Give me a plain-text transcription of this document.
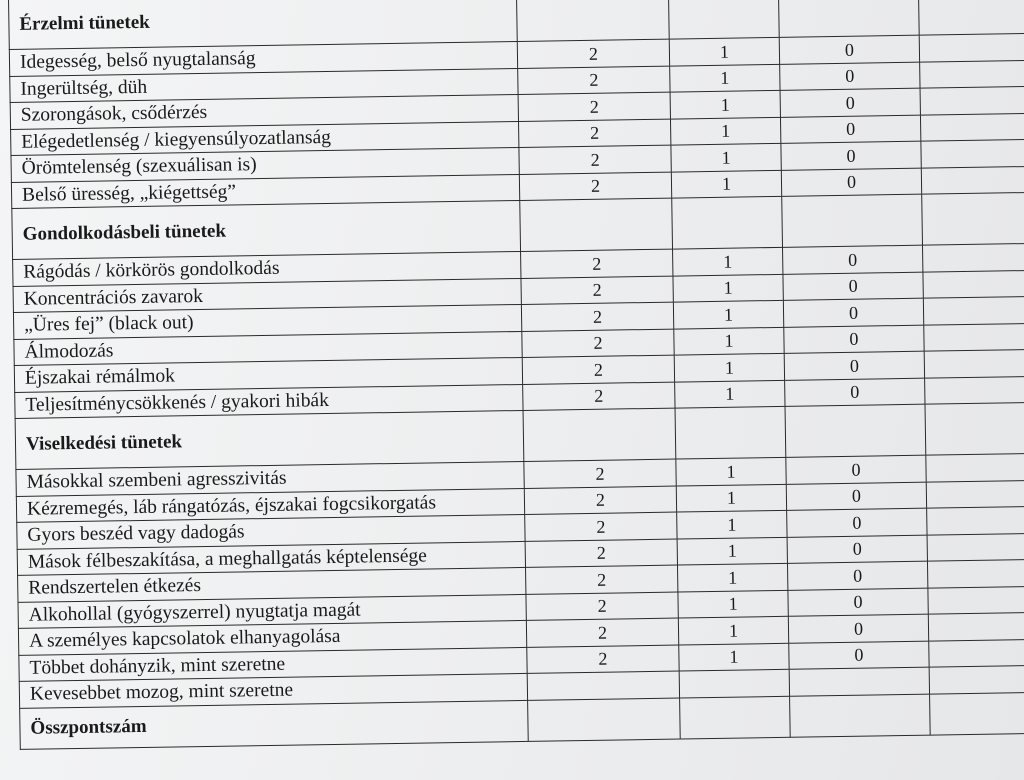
Érzelmi tünetek				
Idegesség, belső nyugtalanság	2	1	0	
Ingerültség, düh	2	1	0	
Szorongások, csődérzés	2	1	0	
Elégedetlenség / kiegyensúlyozatlanság	2	1	0	
Örömtelenség (szexuálisan is)	2	1	0	
Belső üresség, „kiégettség”	2	1	0	
Gondolkodásbeli tünetek				
Rágódás / körkörös gondolkodás	2	1	0	
Koncentrációs zavarok	2	1	0	
„Üres fej” (black out)	2	1	0	
Álmodozás	2	1	0	
Éjszakai rémálmok	2	1	0	
Teljesítménycsökkenés / gyakori hibák	2	1	0	
Viselkedési tünetek				
Másokkal szembeni agresszivitás	2	1	0	
Kézremegés, láb rángatózás, éjszakai fogcsikorgatás	2	1	0	
Gyors beszéd vagy dadogás	2	1	0	
Mások félbeszakítása, a meghallgatás képtelensége	2	1	0	
Rendszertelen étkezés	2	1	0	
Alkohollal (gyógyszerrel) nyugtatja magát	2	1	0	
A személyes kapcsolatok elhanyagolása	2	1	0	
Többet dohányzik, mint szeretne	2	1	0	
Kevesebbet mozog, mint szeretne				
Összpontszám				
